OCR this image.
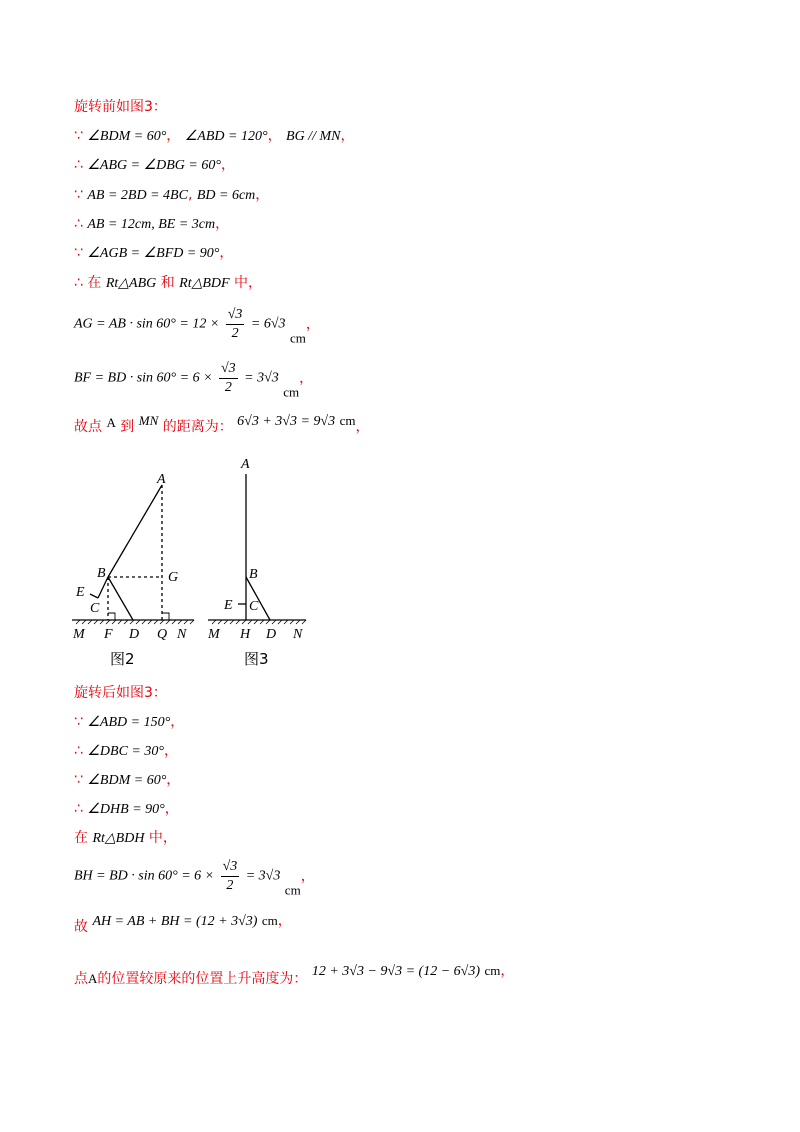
旋转前如图3：
∵ ∠BDM = 60°， ∠ABD = 120°， BG // MN，
∴ ∠ABG = ∠DBG = 60°，
∵ AB = 2BD = 4BC, BD = 6cm，
∴ AB = 12cm, BE = 3cm，
∵ ∠AGB = ∠BFD = 90°，
∴ 在 Rt△ABG 和 Rt△BDF 中，
AG = AB · $\sin 60^\circ = 12 \times \frac{√3}{2} = 6√3$ cm，
BF = BD · $\sin 60^\circ = 6 \times \frac{√3}{2} = 3√3$ cm，
故点 A 到 MN 的距离为： 6√3 + 3√3 = 9√3 cm，
A
B	G
E
C
M F D Q N
图2
A
B
E C
M H D N
图3
旋转后如图3：
∵ ∠ABD = 150°，
∴ ∠DBC = 30°，
∵ ∠BDM = 60°，
∴ ∠DHB = 90°，
在 Rt△BDH 中，
BH = BD · $\sin 60^\circ = 6 \times \frac{√3}{2} = 3√3$ cm，
故 AH = AB + BH = (12 + 3√3) cm，
点A的位置较原来的位置上升高度为： 12 + 3√3 − 9√3 = (12 − 6√3) cm，
